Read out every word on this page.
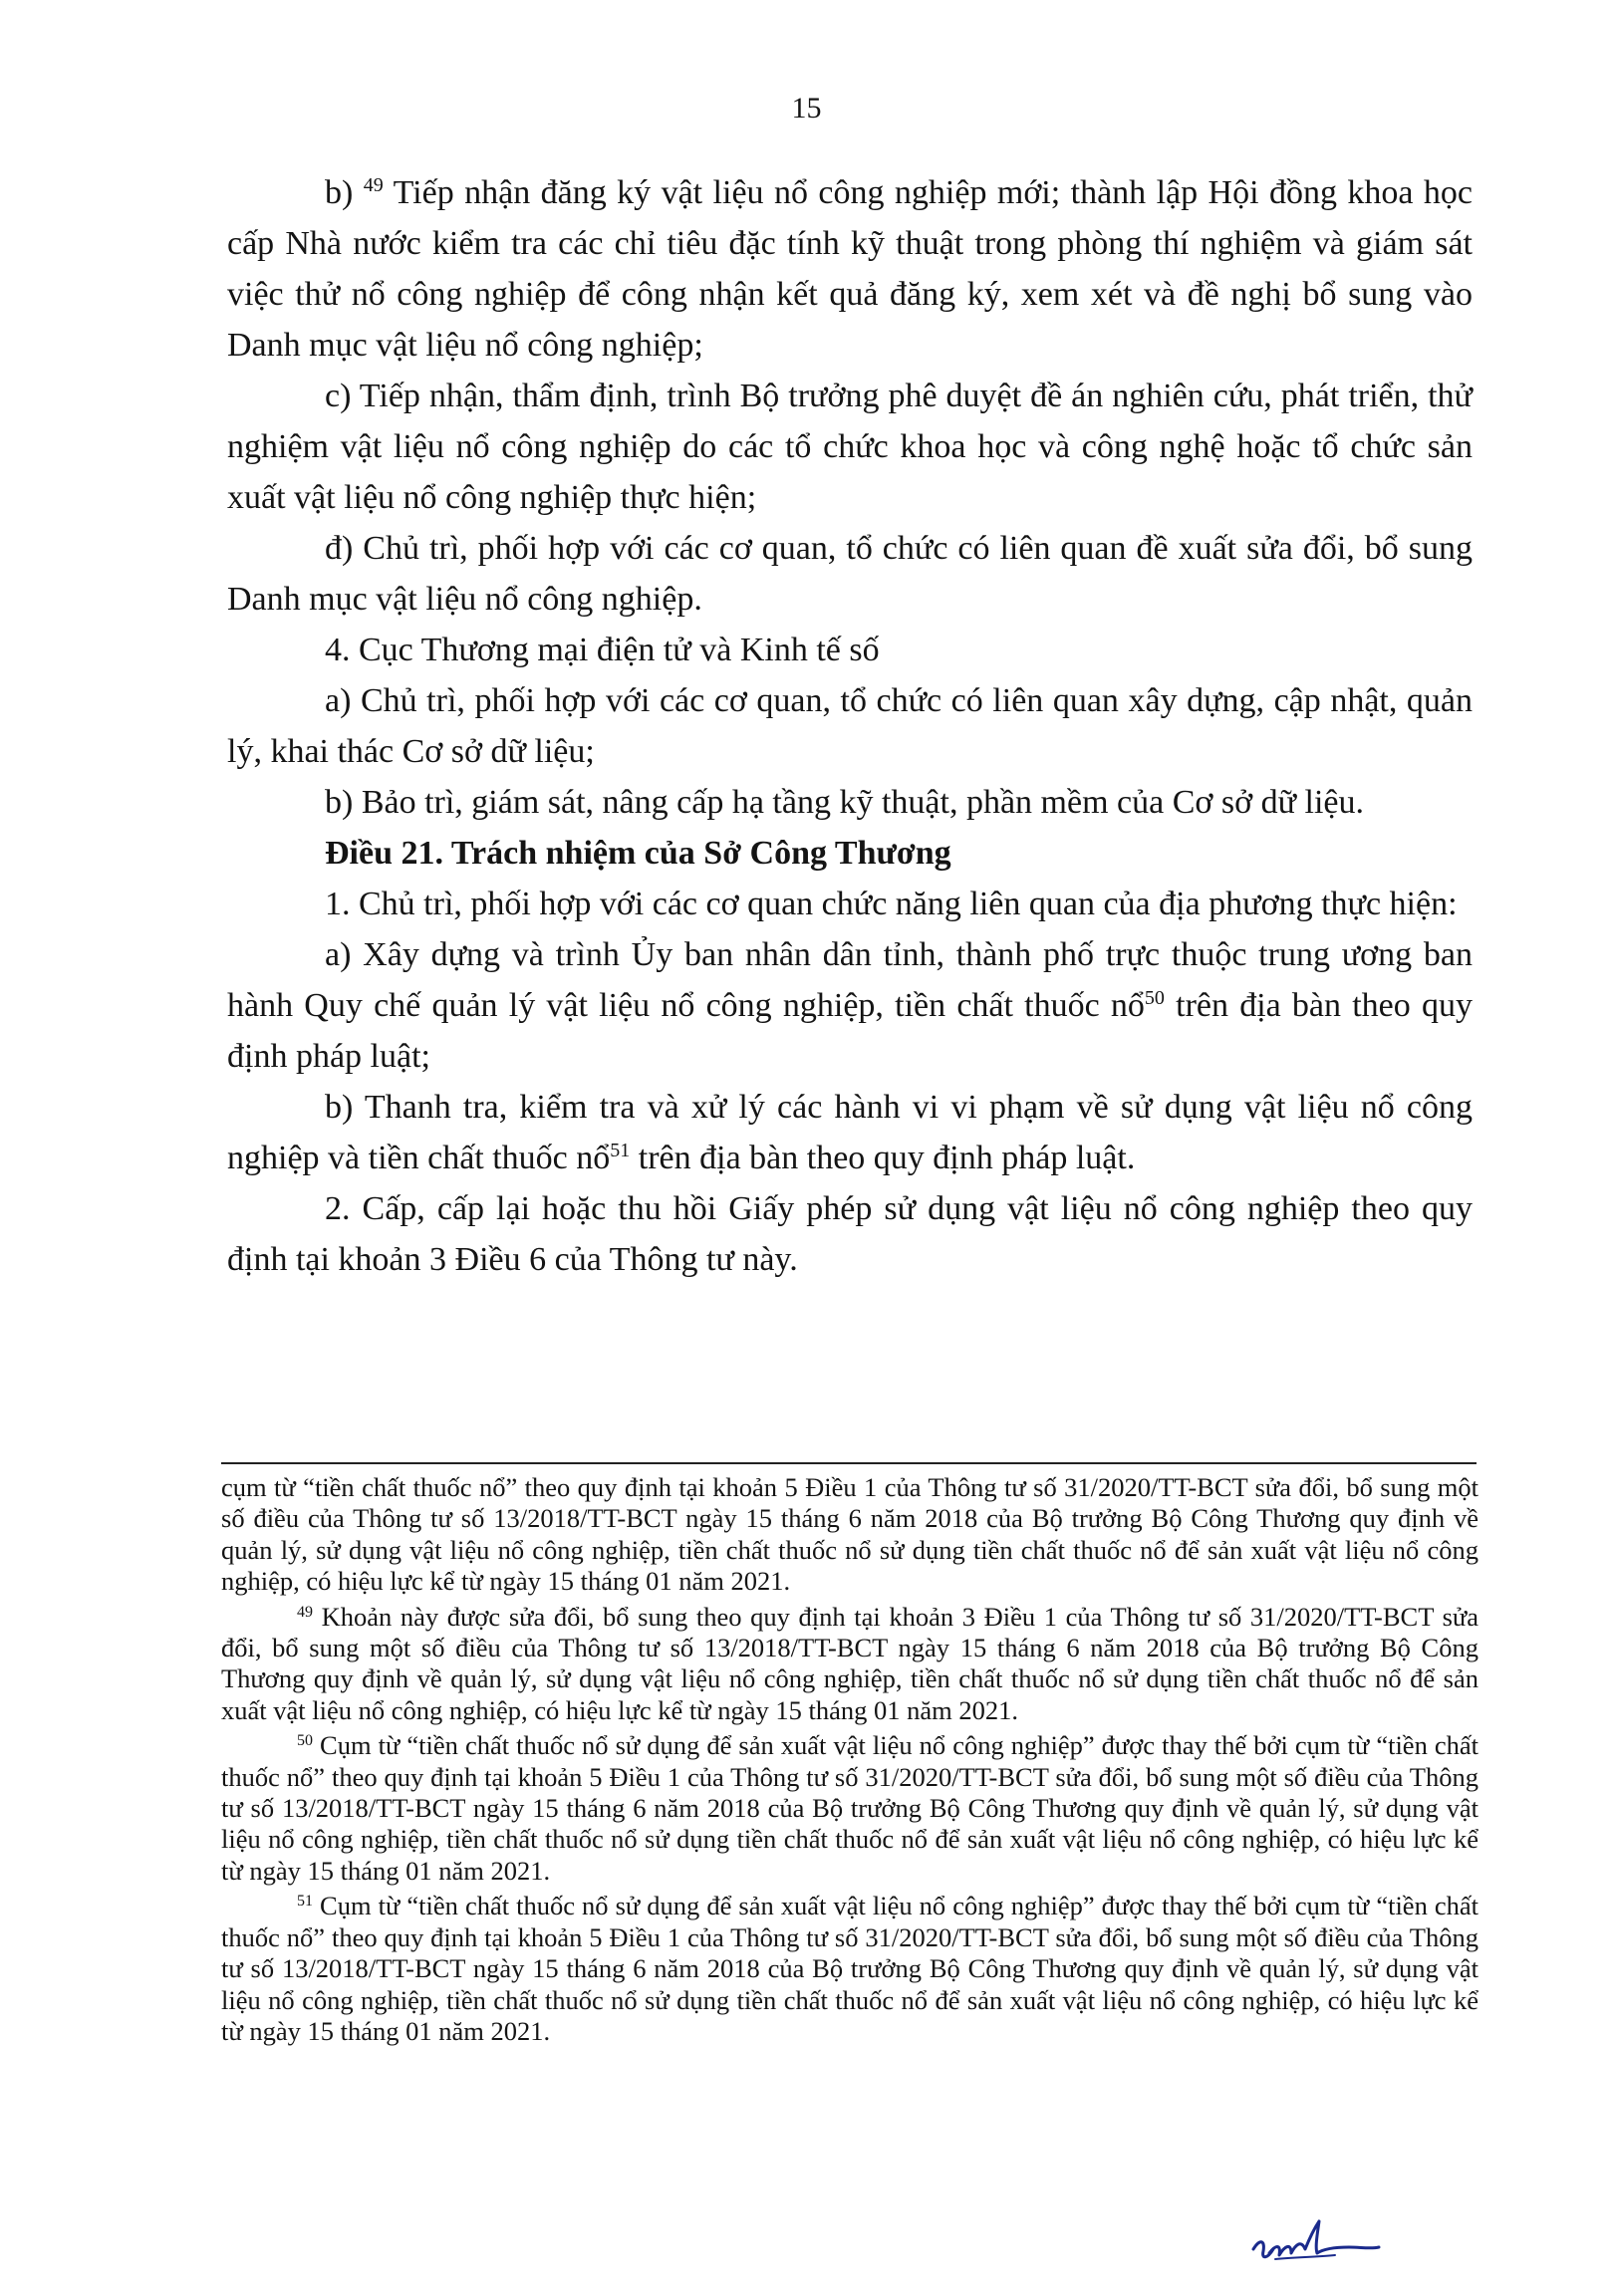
15

b) $^{49}$ Tiếp nhận đăng ký vật liệu nổ công nghiệp mới; thành lập Hội đồng khoa học cấp Nhà nước kiểm tra các chỉ tiêu đặc tính kỹ thuật trong phòng thí nghiệm và giám sát việc thử nổ công nghiệp để công nhận kết quả đăng ký, xem xét và đề nghị bổ sung vào Danh mục vật liệu nổ công nghiệp;

c) Tiếp nhận, thẩm định, trình Bộ trưởng phê duyệt đề án nghiên cứu, phát triển, thử nghiệm vật liệu nổ công nghiệp do các tổ chức khoa học và công nghệ hoặc tổ chức sản xuất vật liệu nổ công nghiệp thực hiện;

đ) Chủ trì, phối hợp với các cơ quan, tổ chức có liên quan đề xuất sửa đổi, bổ sung Danh mục vật liệu nổ công nghiệp.

4. Cục Thương mại điện tử và Kinh tế số

a) Chủ trì, phối hợp với các cơ quan, tổ chức có liên quan xây dựng, cập nhật, quản lý, khai thác Cơ sở dữ liệu;

b) Bảo trì, giám sát, nâng cấp hạ tầng kỹ thuật, phần mềm của Cơ sở dữ liệu.

Điều 21. Trách nhiệm của Sở Công Thương

1. Chủ trì, phối hợp với các cơ quan chức năng liên quan của địa phương thực hiện:

a) Xây dựng và trình Ủy ban nhân dân tỉnh, thành phố trực thuộc trung ương ban hành Quy chế quản lý vật liệu nổ công nghiệp, tiền chất thuốc nổ$^{50}$ trên địa bàn theo quy định pháp luật;

b) Thanh tra, kiểm tra và xử lý các hành vi vi phạm về sử dụng vật liệu nổ công nghiệp và tiền chất thuốc nổ$^{51}$ trên địa bàn theo quy định pháp luật.

2. Cấp, cấp lại hoặc thu hồi Giấy phép sử dụng vật liệu nổ công nghiệp theo quy định tại khoản 3 Điều 6 của Thông tư này.

cụm từ “tiền chất thuốc nổ” theo quy định tại khoản 5 Điều 1 của Thông tư số 31/2020/TT-BCT sửa đổi, bổ sung một số điều của Thông tư số 13/2018/TT-BCT ngày 15 tháng 6 năm 2018 của Bộ trưởng Bộ Công Thương quy định về quản lý, sử dụng vật liệu nổ công nghiệp, tiền chất thuốc nổ sử dụng tiền chất thuốc nổ để sản xuất vật liệu nổ công nghiệp, có hiệu lực kể từ ngày 15 tháng 01 năm 2021.

$^{49}$ Khoản này được sửa đổi, bổ sung theo quy định tại khoản 3 Điều 1 của Thông tư số 31/2020/TT-BCT sửa đổi, bổ sung một số điều của Thông tư số 13/2018/TT-BCT ngày 15 tháng 6 năm 2018 của Bộ trưởng Bộ Công Thương quy định về quản lý, sử dụng vật liệu nổ công nghiệp, tiền chất thuốc nổ sử dụng tiền chất thuốc nổ để sản xuất vật liệu nổ công nghiệp, có hiệu lực kể từ ngày 15 tháng 01 năm 2021.

$^{50}$ Cụm từ “tiền chất thuốc nổ sử dụng để sản xuất vật liệu nổ công nghiệp” được thay thế bởi cụm từ “tiền chất thuốc nổ” theo quy định tại khoản 5 Điều 1 của Thông tư số 31/2020/TT-BCT sửa đổi, bổ sung một số điều của Thông tư số 13/2018/TT-BCT ngày 15 tháng 6 năm 2018 của Bộ trưởng Bộ Công Thương quy định về quản lý, sử dụng vật liệu nổ công nghiệp, tiền chất thuốc nổ sử dụng tiền chất thuốc nổ để sản xuất vật liệu nổ công nghiệp, có hiệu lực kể từ ngày 15 tháng 01 năm 2021.

$^{51}$ Cụm từ “tiền chất thuốc nổ sử dụng để sản xuất vật liệu nổ công nghiệp” được thay thế bởi cụm từ “tiền chất thuốc nổ” theo quy định tại khoản 5 Điều 1 của Thông tư số 31/2020/TT-BCT sửa đổi, bổ sung một số điều của Thông tư số 13/2018/TT-BCT ngày 15 tháng 6 năm 2018 của Bộ trưởng Bộ Công Thương quy định về quản lý, sử dụng vật liệu nổ công nghiệp, tiền chất thuốc nổ sử dụng tiền chất thuốc nổ để sản xuất vật liệu nổ công nghiệp, có hiệu lực kể từ ngày 15 tháng 01 năm 2021.
